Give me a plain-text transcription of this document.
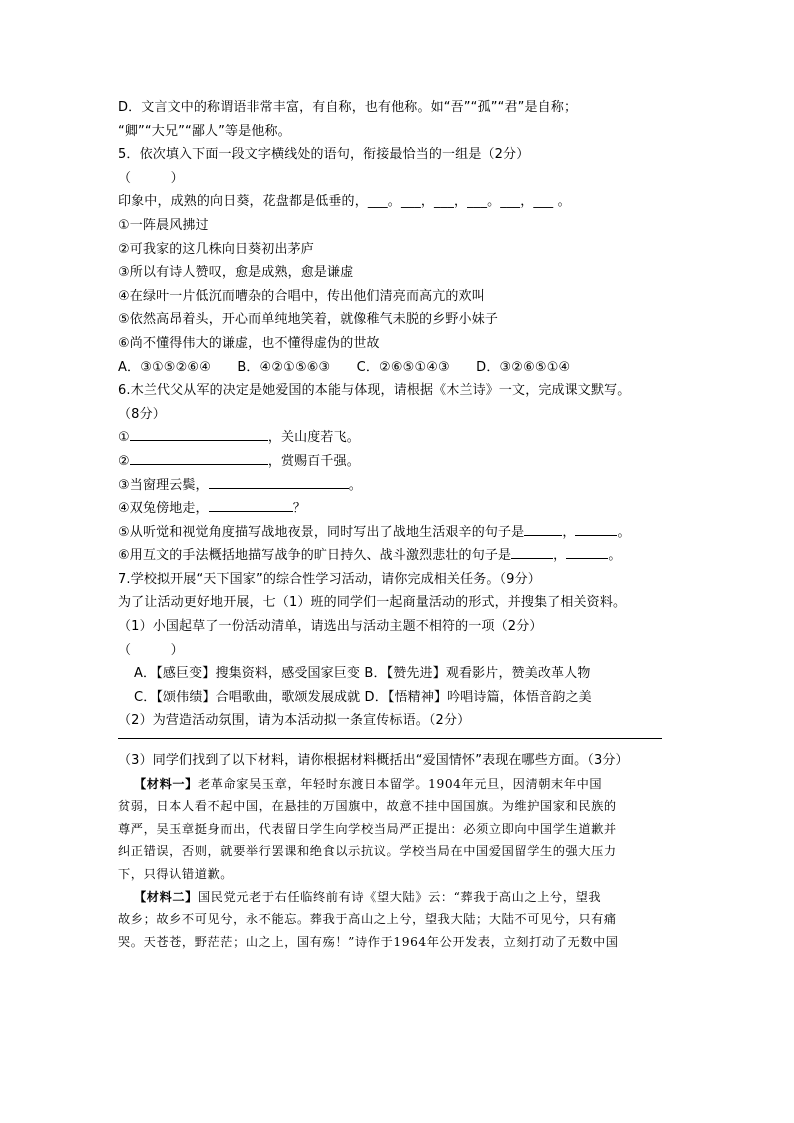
D．文言文中的称谓语非常丰富，有自称，也有他称。如“吾”“孤”“君”是自称；
“卿”“大兄”“鄙人”等是他称。
5．依次填入下面一段文字横线处的语句，衔接最恰当的一组是（2分）
（　　　）
印象中，成熟的向日葵，花盘都是低垂的，___。___，___，___。___，___ 。
①一阵晨风拂过
②可我家的这几株向日葵初出茅庐
③所以有诗人赞叹，愈是成熟，愈是谦虚
④在绿叶一片低沉而嘈杂的合唱中，传出他们清亮而高亢的欢叫
⑤依然高昂着头，开心而单纯地笑着，就像稚气未脱的乡野小妹子
⑥尚不懂得伟大的谦虚，也不懂得虚伪的世故
A．③①⑤②⑥④　　B．④②①⑤⑥③　　C．②⑥⑤①④③　　D．③②⑥⑤①④
6.木兰代父从军的决定是她爱国的本能与体现，请根据《木兰诗》一文，完成课文默写。
（8分）
①	，关山度若飞。
②	，赏赐百千强。
③当窗理云鬓，	。
④双兔傍地走，	？
⑤从听觉和视觉角度描写战地夜景，同时写出了战地生活艰辛的句子是	，	。
⑥用互文的手法概括地描写战争的旷日持久、战斗激烈悲壮的句子是	，	。
7.学校拟开展“天下国家”的综合性学习活动，请你完成相关任务。（9分）
为了让活动更好地开展，七（1）班的同学们一起商量活动的形式，并搜集了相关资料。
（1）小国起草了一份活动清单，请选出与活动主题不相符的一项（2分）
（　　　）
A．【感巨变】搜集资料，感受国家巨变 B．【赞先进】观看影片，赞美改革人物
C．【颂伟绩】合唱歌曲，歌颂发展成就 D．【悟精神】吟唱诗篇，体悟音韵之美
（2）为营造活动氛围，请为本活动拟一条宣传标语。（2分）
（3）同学们找到了以下材料，请你根据材料概括出“爱国情怀”表现在哪些方面。（3分）
【材料一】老革命家吴玉章，年轻时东渡日本留学。1904年元旦，因清朝末年中国
贫弱，日本人看不起中国，在悬挂的万国旗中，故意不挂中国国旗。为维护国家和民族的
尊严，吴玉章挺身而出，代表留日学生向学校当局严正提出：必须立即向中国学生道歉并
纠正错误，否则，就要举行罢课和绝食以示抗议。学校当局在中国爱国留学生的强大压力
下，只得认错道歉。
【材料二】国民党元老于右任临终前有诗《望大陆》云：“葬我于高山之上兮，望我
故乡；故乡不可见兮，永不能忘。葬我于高山之上兮，望我大陆；大陆不可见兮，只有痛
哭。天苍苍，野茫茫；山之上，国有殇！”诗作于1964年公开发表，立刻打动了无数中国
